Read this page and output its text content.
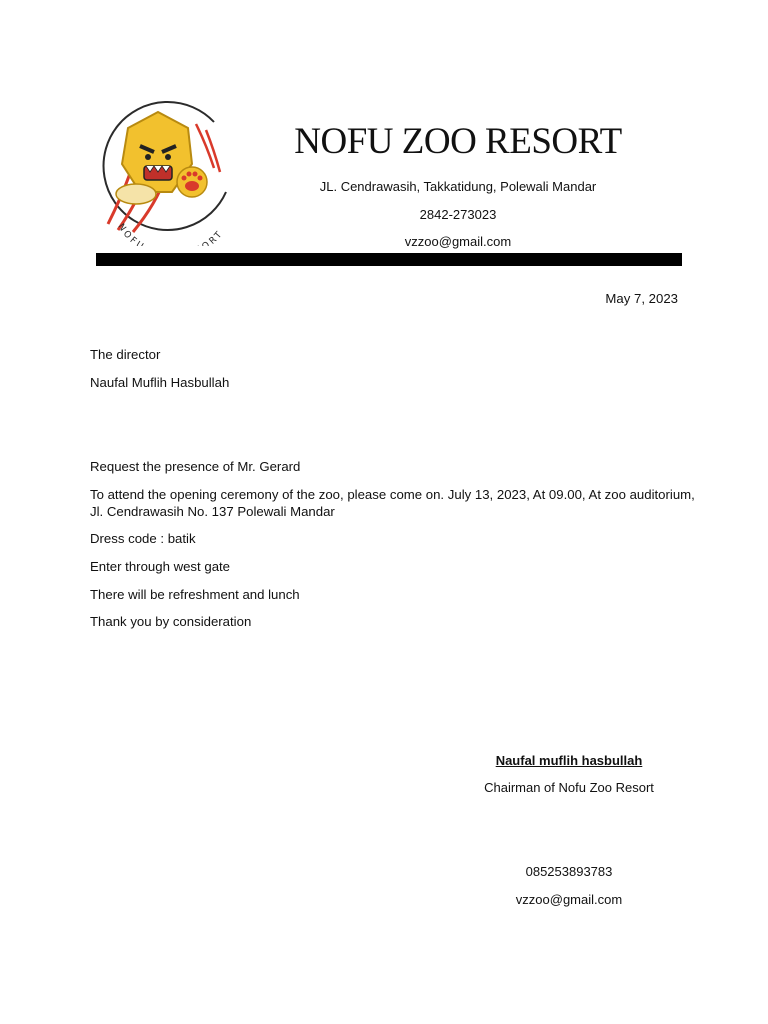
NOF ORT
NOFU ZOO RESORT
JL. Cendrawasih, Takkatidung, Polewali Mandar
2842-273023
vzzoo@gmail.com
May 7, 2023
The director
Naufal Muflih Hasbullah
Request the presence of Mr. Gerard
To attend the opening ceremony of the zoo, please come on. July 13, 2023, At 09.00, At zoo auditorium,
Jl. Cendrawasih No. 137 Polewali Mandar
Dress code : batik
Enter through west gate
There will be refreshment and lunch
Thank you by consideration
Naufal muflih hasbullah
Chairman of Nofu Zoo Resort
085253893783
vzzoo@gmail.com
